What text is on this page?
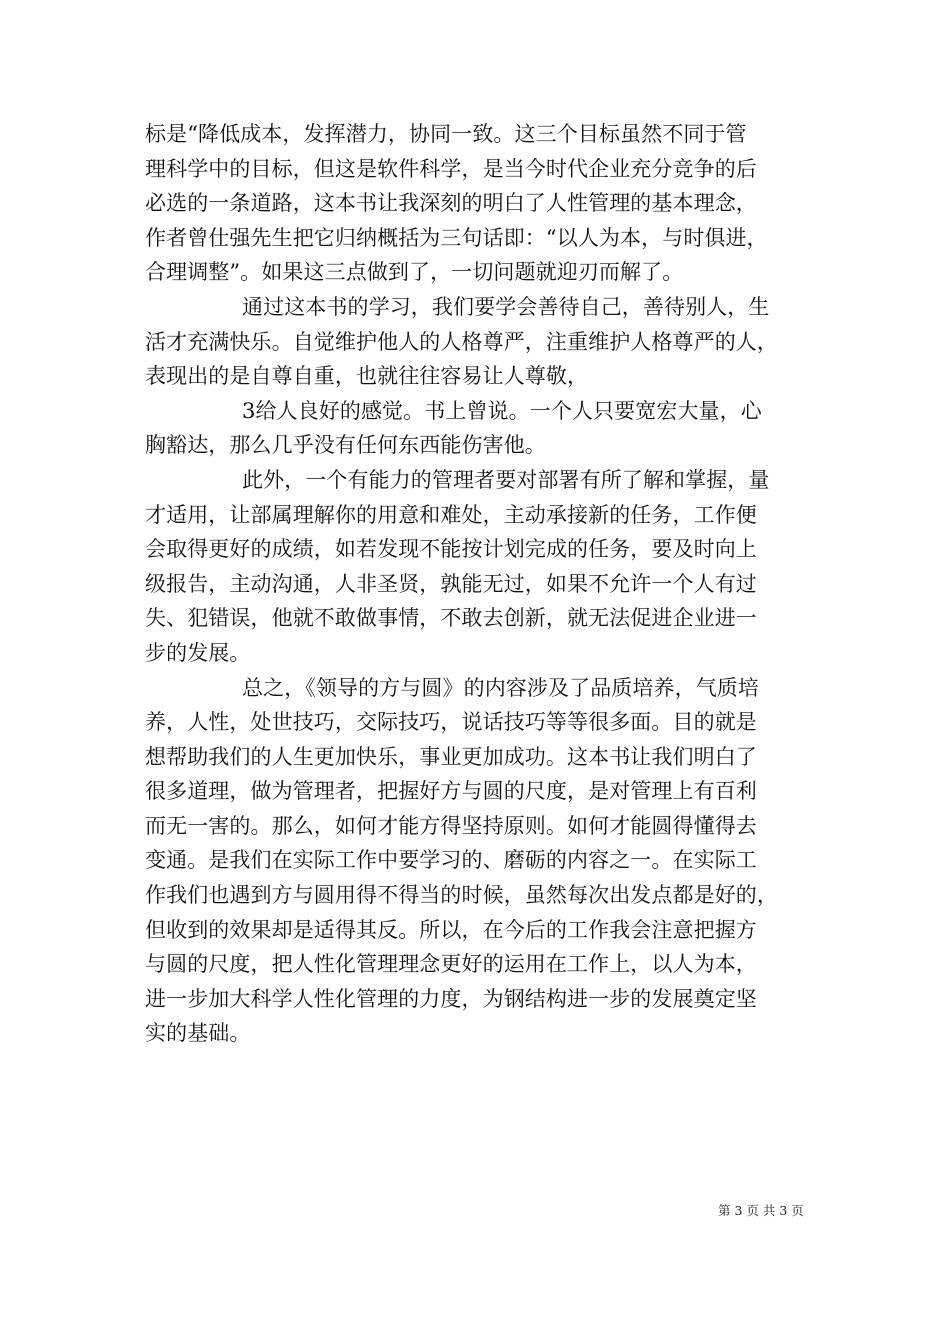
标是“降低成本，发挥潜力，协同一致。这三个目标虽然不同于管
理科学中的目标，但这是软件科学，是当今时代企业充分竞争的后
必选的一条道路，这本书让我深刻的明白了人性管理的基本理念，
作者曾仕强先生把它归纳概括为三句话即：“以人为本，与时俱进，
合理调整”。如果这三点做到了，一切问题就迎刃而解了。
通过这本书的学习，我们要学会善待自己，善待别人，生
活才充满快乐。自觉维护他人的人格尊严，注重维护人格尊严的人，
表现出的是自尊自重，也就往往容易让人尊敬，
3给人良好的感觉。书上曾说。一个人只要宽宏大量，心
胸豁达，那么几乎没有任何东西能伤害他。
此外，一个有能力的管理者要对部署有所了解和掌握，量
才适用，让部属理解你的用意和难处，主动承接新的任务，工作便
会取得更好的成绩，如若发现不能按计划完成的任务，要及时向上
级报告，主动沟通，人非圣贤，孰能无过，如果不允许一个人有过
失、犯错误，他就不敢做事情，不敢去创新，就无法促进企业进一
步的发展。
总之，《领导的方与圆》的内容涉及了品质培养，气质培
养，人性，处世技巧，交际技巧，说话技巧等等很多面。目的就是
想帮助我们的人生更加快乐，事业更加成功。这本书让我们明白了
很多道理，做为管理者，把握好方与圆的尺度，是对管理上有百利
而无一害的。那么，如何才能方得坚持原则。如何才能圆得懂得去
变通。是我们在实际工作中要学习的、磨砺的内容之一。在实际工
作我们也遇到方与圆用得不得当的时候，虽然每次出发点都是好的，
但收到的效果却是适得其反。所以，在今后的工作我会注意把握方
与圆的尺度，把人性化管理理念更好的运用在工作上，以人为本，
进一步加大科学人性化管理的力度，为钢结构进一步的发展奠定坚
实的基础。
第 3 页 共 3 页
